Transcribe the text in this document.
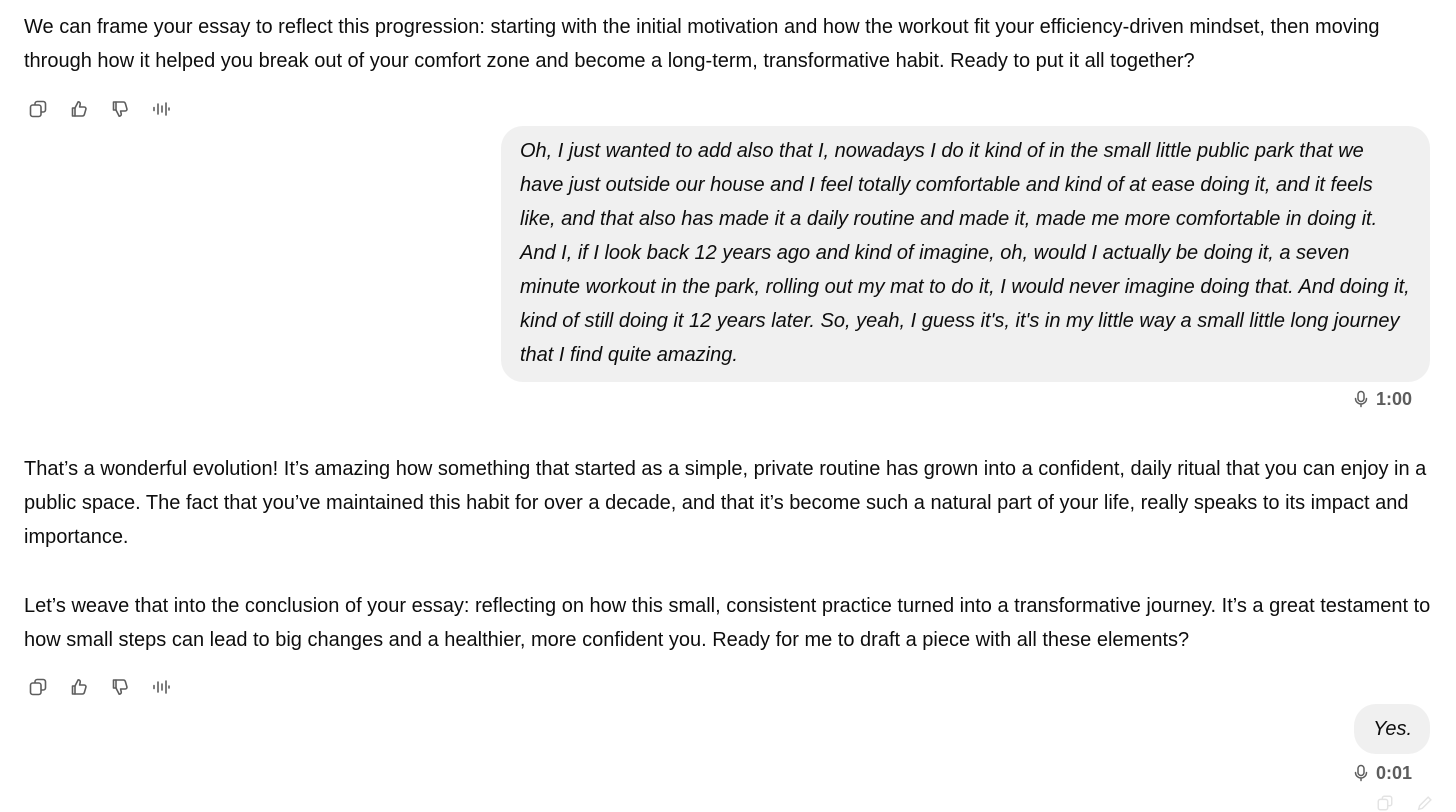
We can frame your essay to reflect this progression: starting with the initial motivation and how the workout fit your efficiency-driven mindset, then moving through how it helped you break out of your comfort zone and become a long-term, transformative habit. Ready to put it all together?

Oh, I just wanted to add also that I, nowadays I do it kind of in the small little public park that we have just outside our house and I feel totally comfortable and kind of at ease doing it, and it feels like, and that also has made it a daily routine and made it, made me more comfortable in doing it. And I, if I look back 12 years ago and kind of imagine, oh, would I actually be doing it, a seven minute workout in the park, rolling out my mat to do it, I would never imagine doing that. And doing it, kind of still doing it 12 years later. So, yeah, I guess it's, it's in my little way a small little long journey that I find quite amazing.
1:00

That’s a wonderful evolution! It’s amazing how something that started as a simple, private routine has grown into a confident, daily ritual that you can enjoy in a public space. The fact that you’ve maintained this habit for over a decade, and that it’s become such a natural part of your life, really speaks to its impact and importance.

Let’s weave that into the conclusion of your essay: reflecting on how this small, consistent practice turned into a transformative journey. It’s a great testament to how small steps can lead to big changes and a healthier, more confident you. Ready for me to draft a piece with all these elements?

Yes.
0:01
